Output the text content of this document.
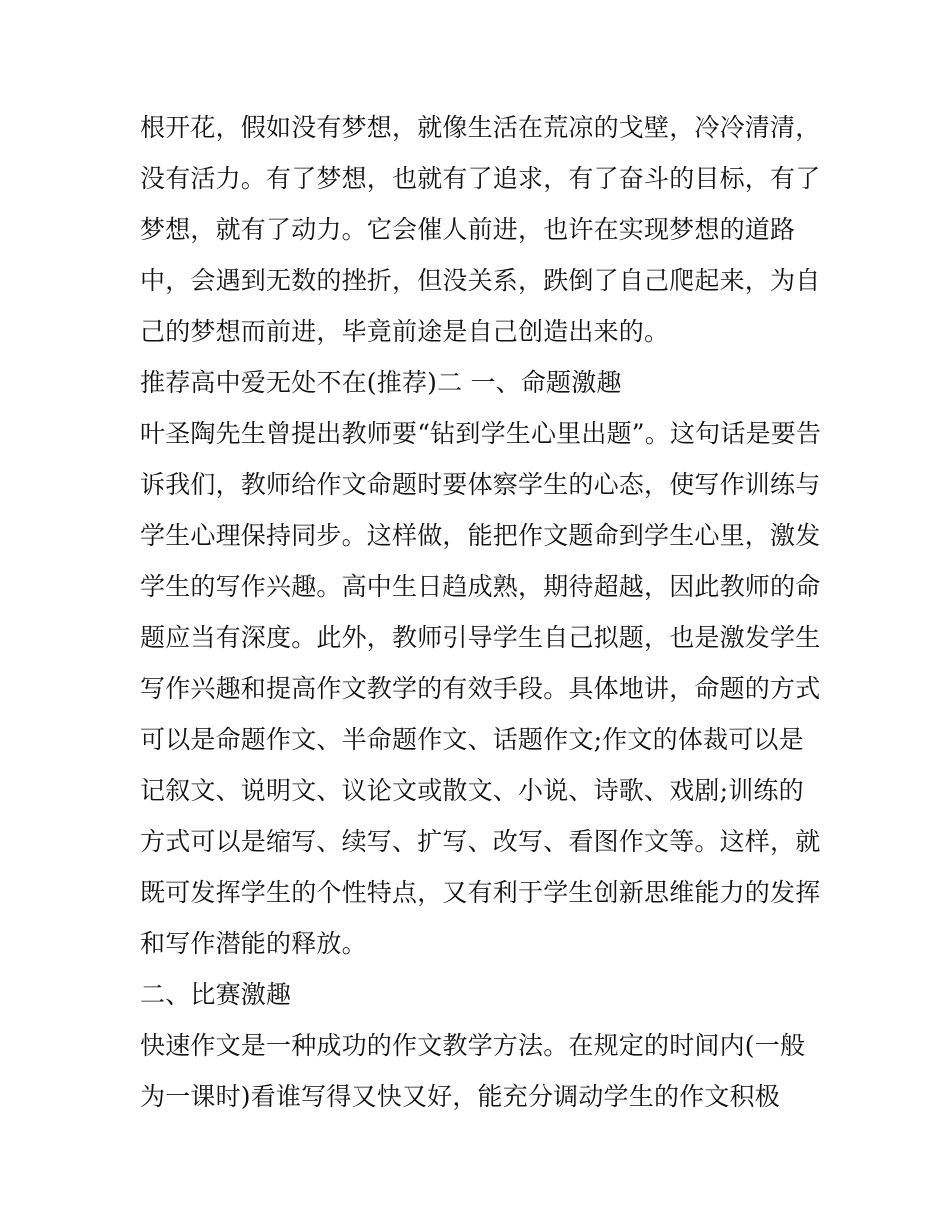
根开花，假如没有梦想，就像生活在荒凉的戈壁，冷冷清清，
没有活力。有了梦想，也就有了追求，有了奋斗的目标，有了
梦想，就有了动力。它会催人前进，也许在实现梦想的道路
中，会遇到无数的挫折，但没关系，跌倒了自己爬起来，为自
己的梦想而前进，毕竟前途是自己创造出来的。
推荐高中爱无处不在(推荐)二 一、命题激趣
叶圣陶先生曾提出教师要“钻到学生心里出题”。这句话是要告
诉我们，教师给作文命题时要体察学生的心态，使写作训练与
学生心理保持同步。这样做，能把作文题命到学生心里，激发
学生的写作兴趣。高中生日趋成熟，期待超越，因此教师的命
题应当有深度。此外，教师引导学生自己拟题，也是激发学生
写作兴趣和提高作文教学的有效手段。具体地讲，命题的方式
可以是命题作文、半命题作文、话题作文;作文的体裁可以是
记叙文、说明文、议论文或散文、小说、诗歌、戏剧;训练的
方式可以是缩写、续写、扩写、改写、看图作文等。这样，就
既可发挥学生的个性特点，又有利于学生创新思维能力的发挥
和写作潜能的释放。
二、比赛激趣
快速作文是一种成功的作文教学方法。在规定的时间内(一般
为一课时)看谁写得又快又好，能充分调动学生的作文积极
